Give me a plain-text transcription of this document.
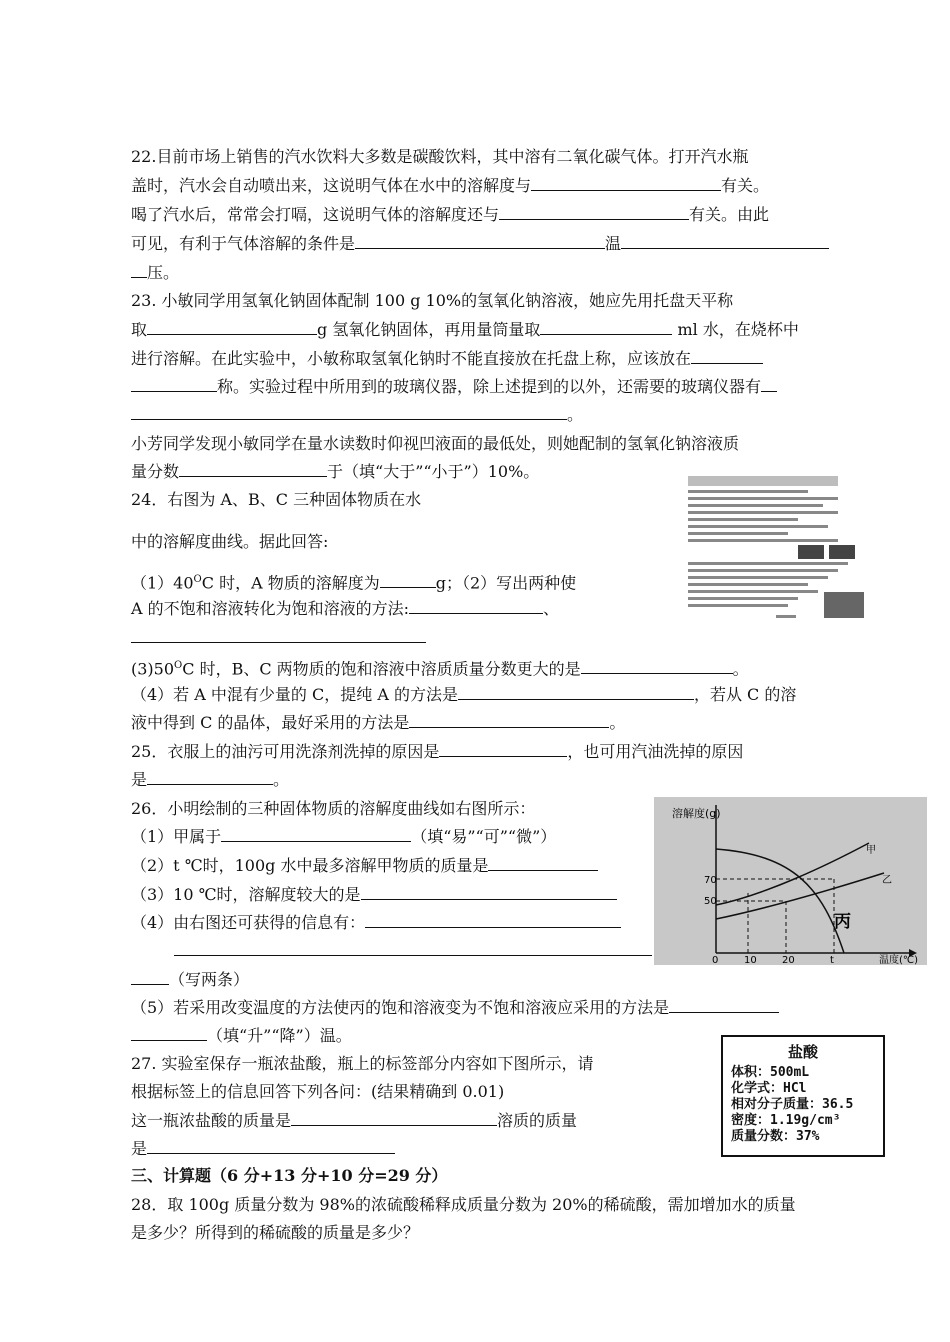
22.目前市场上销售的汽水饮料大多数是碳酸饮料，其中溶有二氧化碳气体。打开汽水瓶
盖时，汽水会自动喷出来，这说明气体在水中的溶解度与	有关。
喝了汽水后，常常会打嗝，这说明气体的溶解度还与	有关。由此
可见，有利于气体溶解的条件是	温
压。
23. 小敏同学用氢氧化钠固体配制 100 g 10%的氢氧化钠溶液，她应先用托盘天平称
取	g 氢氧化钠固体，再用量筒量取	ml 水，在烧杯中
进行溶解。在此实验中，小敏称取氢氧化钠时不能直接放在托盘上称，应该放在
称。实验过程中所用到的玻璃仪器，除上述提到的以外，还需要的玻璃仪器有
。
小芳同学发现小敏同学在量水读数时仰视凹液面的最低处，则她配制的氢氧化钠溶液质
量分数	于（填“大于”“小于”）10%。
24．右图为 A、B、C 三种固体物质在水
中的溶解度曲线。据此回答:
$(1)40^OC$ 时，A 物质的溶解度为	g；（2）写出两种使
A 的不饱和溶液转化为饱和溶液的方法:	、
$(3)50^OC$ 时，B、C 两物质的饱和溶液中溶质质量分数更大的是	。
（4）若 A 中混有少量的 C，提纯 A 的方法是	，若从 C 的溶
液中得到 C 的晶体，最好采用的方法是	。
25．衣服上的油污可用洗涤剂洗掉的原因是	，也可用汽油洗掉的原因
是	。
26．小明绘制的三种固体物质的溶解度曲线如右图所示：
（1）甲属于	（填“易”“可”“微”）
（2）t ℃时，100g 水中最多溶解甲物质的质量是
（3）10 ℃时，溶解度较大的是
（4）由右图还可获得的信息有：
（写两条）
（5）若采用改变温度的方法使丙的饱和溶液变为不饱和溶液应采用的方法是
（填“升”“降”）温。
溶解度(g)
温度(℃)
70
50
0	10	20	t
甲
乙
丙
27. 实验室保存一瓶浓盐酸，瓶上的标签部分内容如下图所示，请
根据标签上的信息回答下列各问：(结果精确到 0.01)
这一瓶浓盐酸的质量是	溶质的质量
是
盐酸
体积：500mL
化学式：HCl
相对分子质量：36.5
密度：1.19g/cm³
质量分数：37%
三、计算题（6 分+13 分+10 分=29 分）
28．取 100g 质量分数为 98%的浓硫酸稀释成质量分数为 20%的稀硫酸，需加增加水的质量
是多少？所得到的稀硫酸的质量是多少？
